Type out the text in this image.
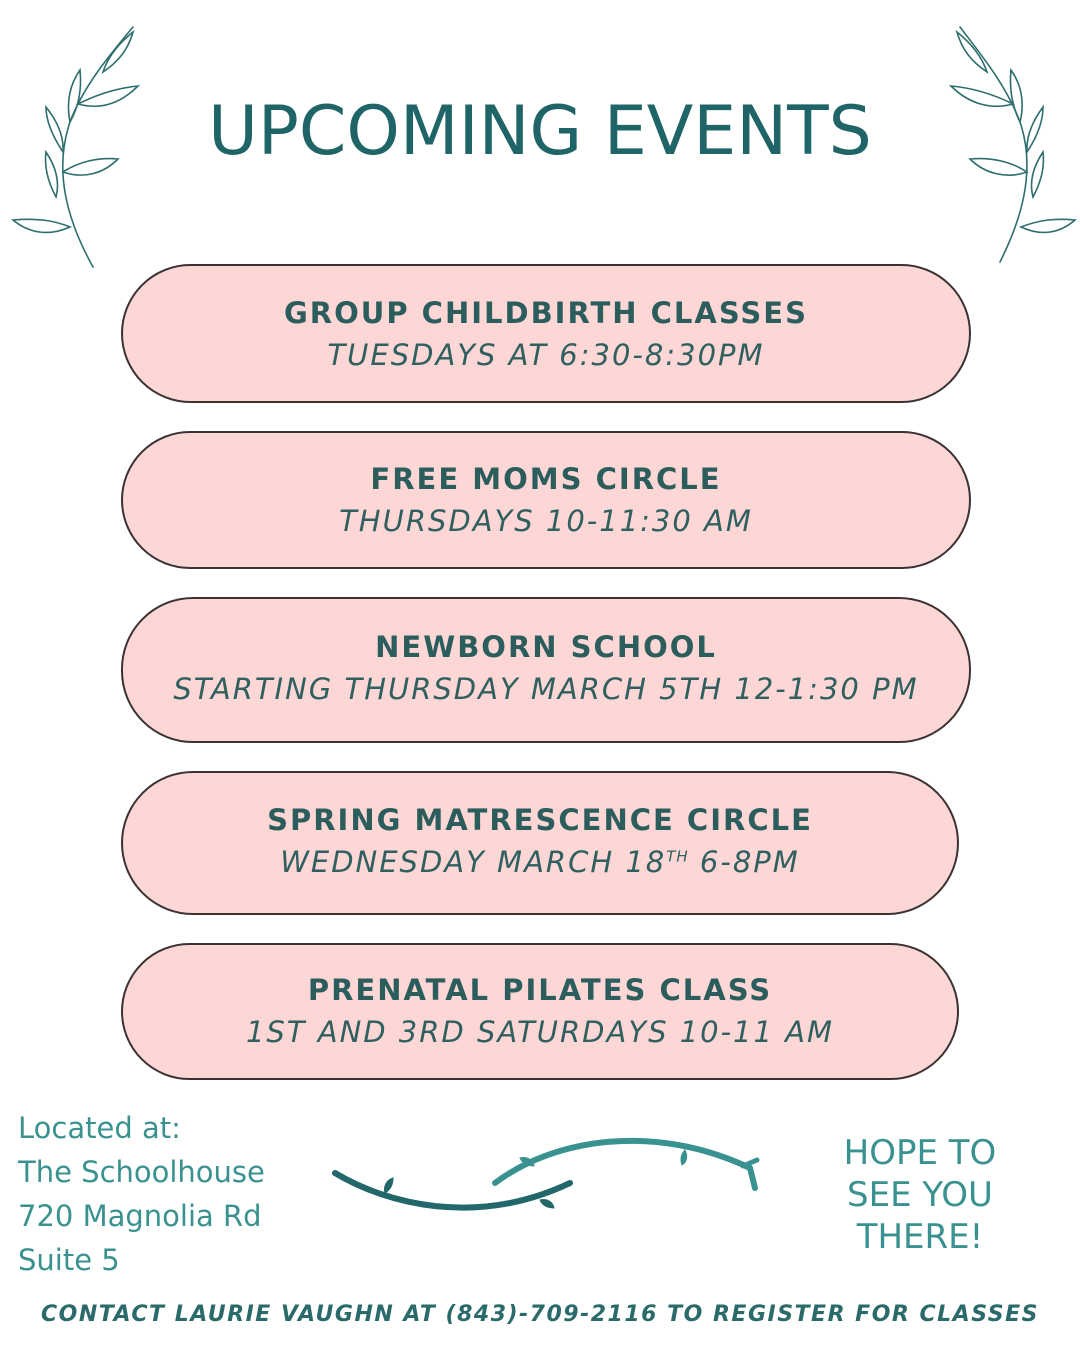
UPCOMING EVENTS
GROUP CHILDBIRTH CLASSES
TUESDAYS AT 6:30-8:30PM
FREE MOMS CIRCLE
THURSDAYS 10-11:30 AM
NEWBORN SCHOOL
STARTING THURSDAY MARCH 5TH 12-1:30 PM
SPRING MATRESCENCE CIRCLE
WEDNESDAY MARCH 18TH 6-8PM
PRENATAL PILATES CLASS
1ST AND 3RD SATURDAYS 10-11 AM
Located at:
The Schoolhouse
720 Magnolia Rd
Suite 5
HOPE TO
SEE YOU
THERE!
CONTACT LAURIE VAUGHN AT (843)-709-2116 TO REGISTER FOR CLASSES
